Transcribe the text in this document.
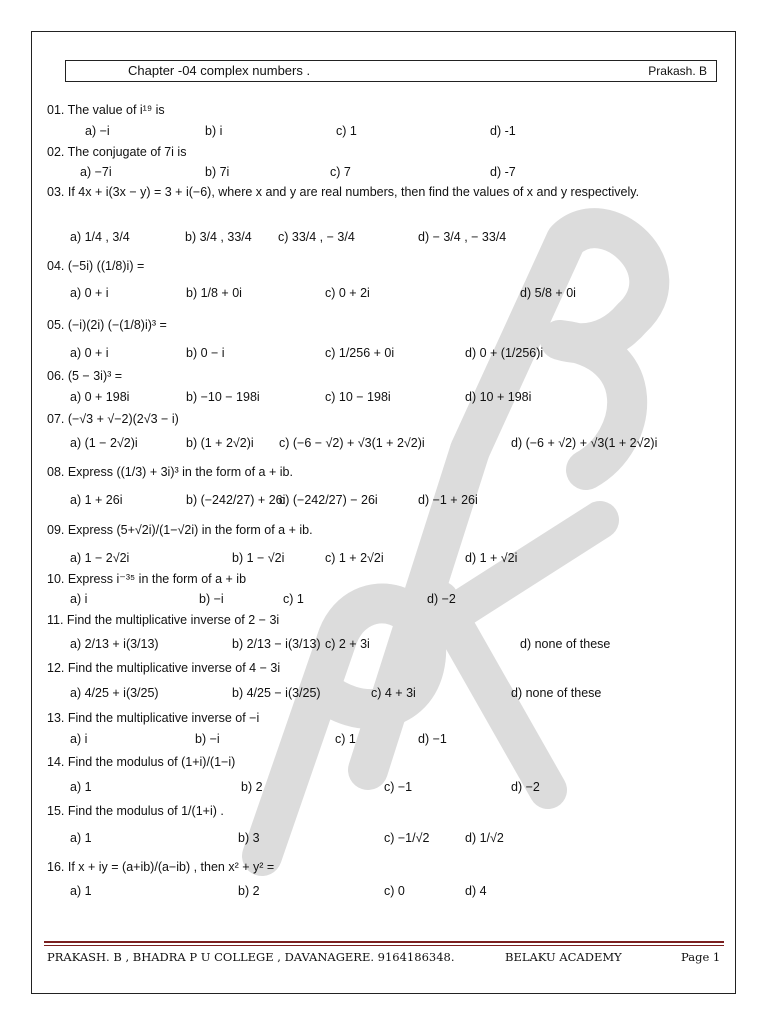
Chapter -04 complex numbers .	Prakash. B
01. The value of i¹⁹ is
a) −i	b) i	c) 1	d) -1
02. The conjugate of 7i is
a) −7i	b) 7i	c) 7	d) -7
03. If 4x + i(3x − y) = 3 + i(−6), where x and y are real numbers, then find the values of x and y respectively.
a) 1/4 , 3/4	b) 3/4 , 33/4 c) 33/4 , − 3/4	d) − 3/4 , − 33/4
04. (−5i) ((1/8)i) =
a) 0 + i	b) 1/8 + 0i	c) 0 + 2i	d) 5/8 + 0i
05. (−i)(2i) (−(1/8)i)³ =
a) 0 + i	b) 0 − i	c) 1/256 + 0i	d) 0 + (1/256)i
06. (5 − 3i)³ =
a) 0 + 198i	b) −10 − 198i	c) 10 − 198i	d) 10 + 198i
07. (−√3 + √−2)(2√3 − i)
a) (1 − 2√2)i	b) (1 + 2√2)i c) (−6 − √2) + √3(1 + 2√2)i	d) (−6 + √2) + √3(1 + 2√2)i
08. Express ((1/3) + 3i)³ in the form of a + ib.
a) 1 + 26i	b) (−242/27) + 26i
c) (−242/27) − 26i	d) −1 + 26i
09. Express (5+√2i)/(1−√2i) in the form of a + ib.
a) 1 − 2√2i	b) 1 − √2i	c) 1 + 2√2i	d) 1 + √2i
10. Express i⁻³⁵ in the form of a + ib
a) i	b) −i	c) 1	d) −2
11. Find the multiplicative inverse of 2 − 3i
a) 2/13 + i(3/13)	b) 2/13 − i(3/13) c) 2 + 3i	d) none of these
12. Find the multiplicative inverse of 4 − 3i
a) 4/25 + i(3/25)	b) 4/25 − i(3/25)	c) 4 + 3i	d) none of these
13. Find the multiplicative inverse of −i
a) i	b) −i	c) 1	d) −1
14. Find the modulus of (1+i)/(1−i)
a) 1	b) 2	c) −1	d) −2
15. Find the modulus of 1/(1+i) .
a) 1	b) 3	c) −1/√2	d) 1/√2
16. If x + iy = (a+ib)/(a−ib) , then x² + y² =
a) 1	b) 2	c) 0	d) 4
PRAKASH. B , BHADRA P U COLLEGE , DAVANAGERE. 9164186348.	BELAKU ACADEMY	Page 1
